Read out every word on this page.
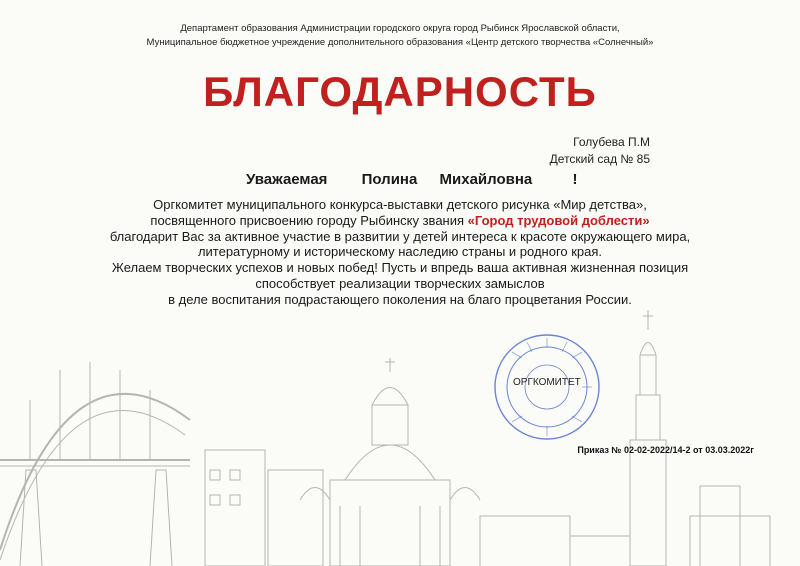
Департамент образования Администрации городского округа город Рыбинск Ярославской области,
Муниципальное бюджетное учреждение дополнительного образования «Центр детского творчества «Солнечный»
БЛАГОДАРНОСТЬ
Голубева П.М
Детский сад № 85
Уважаемая Полина Михайловна	!
Оргкомитет муниципального конкурса-выставки детского рисунка «Мир детства»,
посвященного присвоению городу Рыбинску звания «Город трудовой доблести»
благодарит Вас за активное участие в развитии у детей интереса к красоте окружающего мира,
литературному и историческому наследию страны и родного края.
Желаем творческих успехов и новых побед! Пусть и впредь ваша активная жизненная позиция
способствует реализации творческих замыслов
в деле воспитания подрастающего поколения на благо процветания России.
ОРГКОМИТЕТ
Приказ № 02-02-2022/14-2 от 03.03.2022г
